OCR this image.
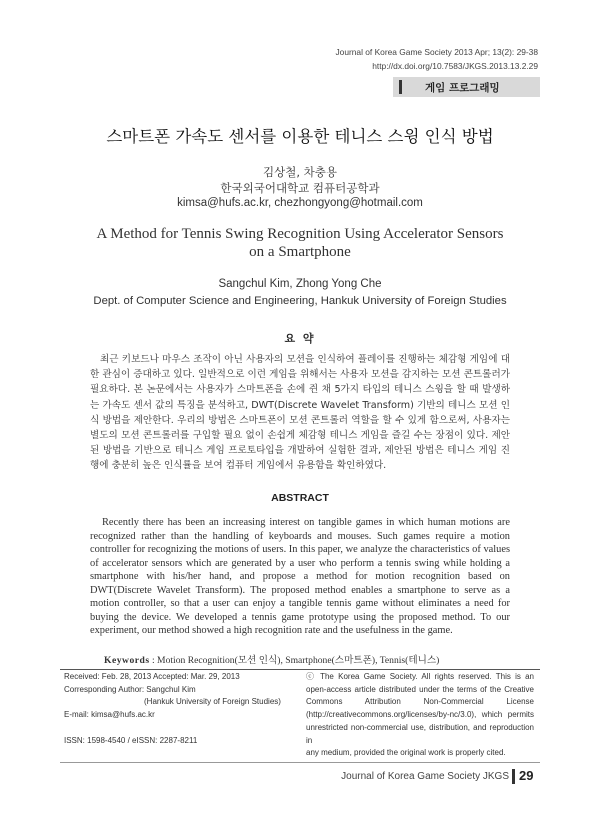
Journal of Korea Game Society 2013 Apr; 13(2): 29-38
http://dx.doi.org/10.7583/JKGS.2013.13.2.29
게임 프로그래밍
스마트폰 가속도 센서를 이용한 테니스 스윙 인식 방법
김상철, 차충용
한국외국어대학교 컴퓨터공학과
kimsa@hufs.ac.kr, chezhongyong@hotmail.com
A Method for Tennis Swing Recognition Using Accelerator Sensors
on a Smartphone
Sangchul Kim, Zhong Yong Che
Dept. of Computer Science and Engineering, Hankuk University of Foreign Studies
요 약
최근 키보드나 마우스 조작이 아닌 사용자의 모션을 인식하여 플레이를 진행하는 체감형 게임에 대한 관심이 증대하고 있다. 일반적으로 이런 게임을 위해서는 사용자 모션을 감지하는 모션 콘트롤러가 필요하다. 본 논문에서는 사용자가 스마트폰을 손에 쥔 채 5가지 타입의 테니스 스윙을 할 때 발생하는 가속도 센서 값의 특징을 분석하고, DWT(Discrete Wavelet Transform) 기반의 테니스 모션 인식 방법을 제안한다. 우리의 방법은 스마트폰이 모션 콘트롤러 역할을 할 수 있게 함으로써, 사용자는 별도의 모션 콘트롤러를 구입할 필요 없이 손쉽게 체감형 테니스 게임을 즐길 수는 장점이 있다. 제안된 방법을 기반으로 테니스 게임 프로토타입을 개발하여 실험한 결과, 제안된 방법은 테니스 게임 진행에 충분히 높은 인식률을 보여 컴퓨터 게임에서 유용함을 확인하였다.
ABSTRACT
Recently there has been an increasing interest on tangible games in which human motions are recognized rather than the handling of keyboards and mouses. Such games require a motion controller for recognizing the motions of users. In this paper, we analyze the characteristics of values of accelerator sensors which are generated by a user who perform a tennis swing while holding a smartphone with his/her hand, and propose a method for motion recognition based on DWT(Discrete Wavelet Transform). The proposed method enables a smartphone to serve as a motion controller, so that a user can enjoy a tangible tennis game without eliminates a need for buying the device. We developed a tennis game prototype using the proposed method. To our experiment, our method showed a high recognition rate and the usefulness in the game.
Keywords : Motion Recognition(모션 인식), Smartphone(스마트폰), Tennis(테니스)
Received: Feb. 28, 2013 Accepted: Mar. 29, 2013
Corresponding Author: Sangchul Kim
(Hankuk University of Foreign Studies)
E-mail: kimsa@hufs.ac.kr
ISSN: 1598-4540 / eISSN: 2287-8211
ⓒ The Korea Game Society. All rights reserved. This is an
open-access article distributed under the terms of the Creative
Commons Attribution Non-Commercial License
(http://creativecommons.org/licenses/by-nc/3.0), which permits
unrestricted non-commercial use, distribution, and reproduction in
any medium, provided the original work is properly cited.
Journal of Korea Game Society JKGS 29
